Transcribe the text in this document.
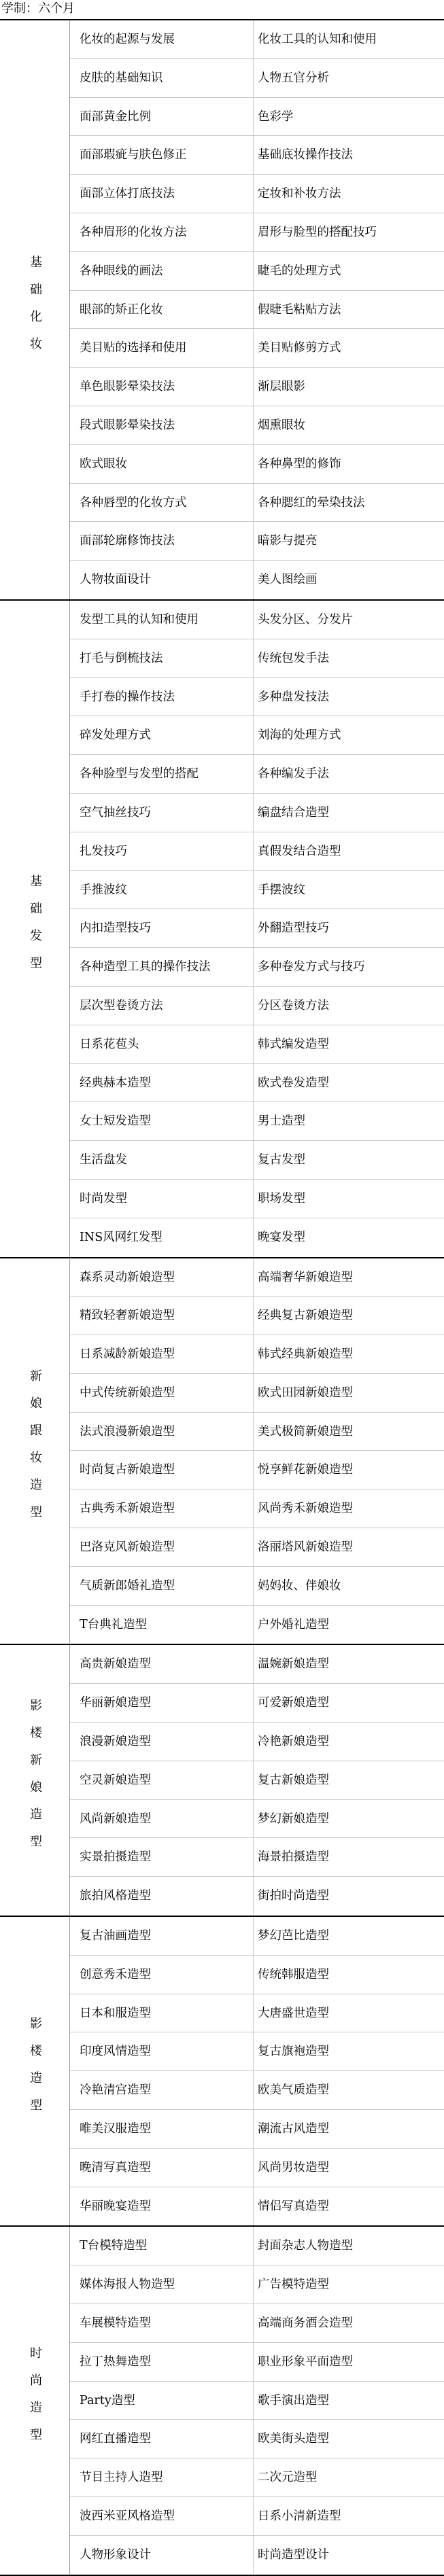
学制：六个月
基础化妆
化妆的起源与发展	化妆工具的认知和使用
皮肤的基础知识	人物五官分析
面部黄金比例	色彩学
面部瑕疵与肤色修正	基础底妆操作技法
面部立体打底技法	定妆和补妆方法
各种眉形的化妆方法	眉形与脸型的搭配技巧
各种眼线的画法	睫毛的处理方式
眼部的矫正化妆	假睫毛粘贴方法
美目贴的选择和使用	美目贴修剪方式
单色眼影晕染技法	渐层眼影
段式眼影晕染技法	烟熏眼妆
欧式眼妆	各种鼻型的修饰
各种唇型的化妆方式	各种腮红的晕染技法
面部轮廓修饰技法	暗影与提亮
人物妆面设计	美人图绘画
基础发型
发型工具的认知和使用	头发分区、分发片
打毛与倒梳技法	传统包发手法
手打卷的操作技法	多种盘发技法
碎发处理方式	刘海的处理方式
各种脸型与发型的搭配	各种编发手法
空气抽丝技巧	编盘结合造型
扎发技巧	真假发结合造型
手推波纹	手摆波纹
内扣造型技巧	外翻造型技巧
各种造型工具的操作技法	多种卷发方式与技巧
层次型卷烫方法	分区卷烫方法
日系花苞头	韩式编发造型
经典赫本造型	欧式卷发造型
女士短发造型	男士造型
生活盘发	复古发型
时尚发型	职场发型
INS风网红发型	晚宴发型
新娘跟妆造型
森系灵动新娘造型	高端奢华新娘造型
精致轻奢新娘造型	经典复古新娘造型
日系减龄新娘造型	韩式经典新娘造型
中式传统新娘造型	欧式田园新娘造型
法式浪漫新娘造型	美式极简新娘造型
时尚复古新娘造型	悦享鲜花新娘造型
古典秀禾新娘造型	风尚秀禾新娘造型
巴洛克风新娘造型	洛丽塔风新娘造型
气质新郎婚礼造型	妈妈妆、伴娘妆
T台典礼造型	户外婚礼造型
影楼新娘造型
高贵新娘造型	温婉新娘造型
华丽新娘造型	可爱新娘造型
浪漫新娘造型	冷艳新娘造型
空灵新娘造型	复古新娘造型
风尚新娘造型	梦幻新娘造型
实景拍摄造型	海景拍摄造型
旅拍风格造型	街拍时尚造型
影楼造型
复古油画造型	梦幻芭比造型
创意秀禾造型	传统韩服造型
日本和服造型	大唐盛世造型
印度风情造型	复古旗袍造型
冷艳清宫造型	欧美气质造型
唯美汉服造型	潮流古风造型
晚清写真造型	风尚男妆造型
华丽晚宴造型	情侣写真造型
时尚造型
T台模特造型	封面杂志人物造型
媒体海报人物造型	广告模特造型
车展模特造型	高端商务酒会造型
拉丁热舞造型	职业形象平面造型
Party造型	歌手演出造型
网红直播造型	欧美街头造型
节目主持人造型	二次元造型
波西米亚风格造型	日系小清新造型
人物形象设计	时尚造型设计
